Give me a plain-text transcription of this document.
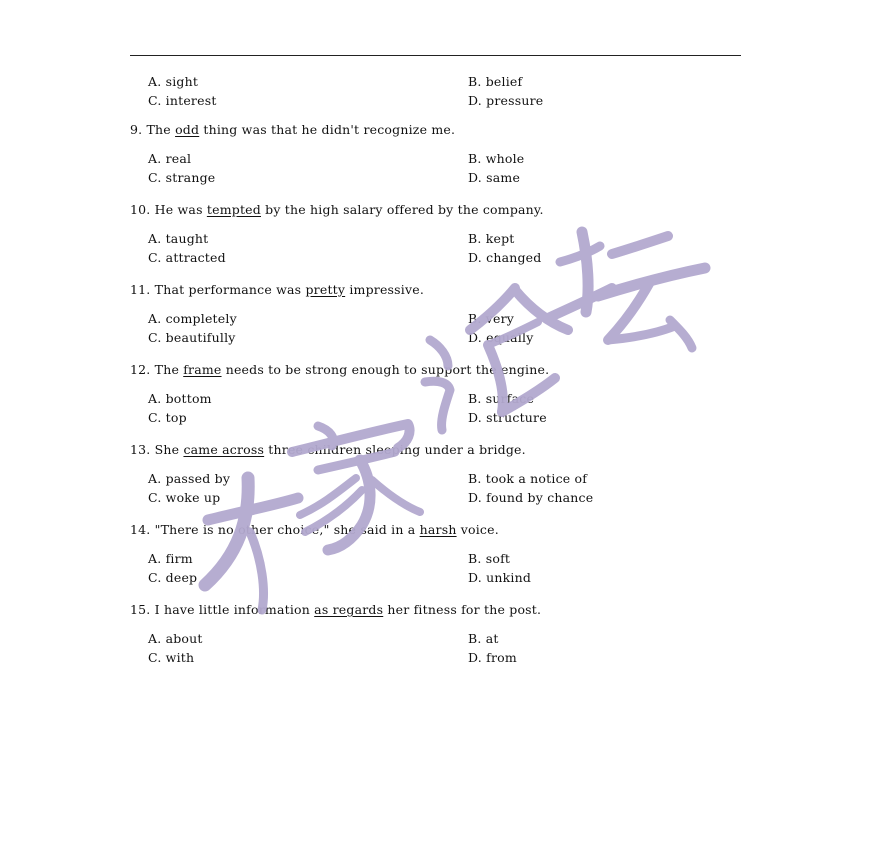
A. sight	B. belief
C. interest	D. pressure
9. The odd thing was that he didn't recognize me.
A. real	B. whole
C. strange	D. same
10. He was tempted by the high salary offered by the company.
A. taught	B. kept
C. attracted	D. changed
11. That performance was pretty impressive.
A. completely	B. very
C. beautifully	D. equally
12. The frame needs to be strong enough to support the engine.
A. bottom	B. surface
C. top	D. structure
13. She came across three children sleeping under a bridge.
A. passed by	B. took a notice of
C. woke up	D. found by chance
14. "There is no other choice," she said in a harsh voice.
A. firm	B. soft
C. deep	D. unkind
15. I have little information as regards her fitness for the post.
A. about	B. at
C. with	D. from
